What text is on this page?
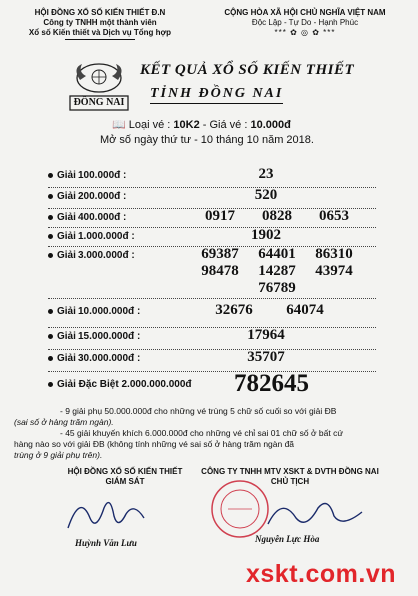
HỘI ĐỒNG XỔ SỐ KIẾN THIẾT Đ.N
Công ty TNHH một thành viên
Xổ số Kiến thiết và Dịch vụ Tổng hợp
CỘNG HÒA XÃ HỘI CHỦ NGHĨA VIỆT NAM
Độc Lập - Tự Do - Hạnh Phúc
*** ✿ ◎ ✿ ***
ĐỒNG NAI
KẾT QUẢ XỔ SỐ KIẾN THIẾT
TỈNH ĐỒNG NAI
📖 Loại vé : 10K2 - Giá vé : 10.000đ
Mở số ngày thứ tư - 10 tháng 10 năm 2018.
Giải 100.000đ :	23
Giải 200.000đ :	520
Giải 400.000đ :	0917	0828	0653
Giải 1.000.000đ :	1902
Giải 3.000.000đ :	69387	64401	86310
98478	14287	43974
76789
Giải 10.000.000đ :	32676	64074
Giải 15.000.000đ :	17964
Giải 30.000.000đ :	35707
Giải Đặc Biệt 2.000.000.000đ 782645
- 9 giải phụ 50.000.000đ cho những vé trùng 5 chữ số cuối so với giải ĐB
(sai số ở hàng trăm ngàn).
- 45 giải khuyến khích 6.000.000đ cho những vé chỉ sai 01 chữ số ở bất cứ
hàng nào so với giải ĐB (không tính những vé sai số ở hàng trăm ngàn đã
trùng ở 9 giải phụ trên).
HỘI ĐỒNG XỔ SỐ KIẾN THIẾT
GIÁM SÁT
CÔNG TY TNHH MTV XSKT & DVTH ĐỒNG NAI
CHỦ TỊCH
Huỳnh Văn Lưu	Nguyễn Lực Hòa
xskt.com.vn
